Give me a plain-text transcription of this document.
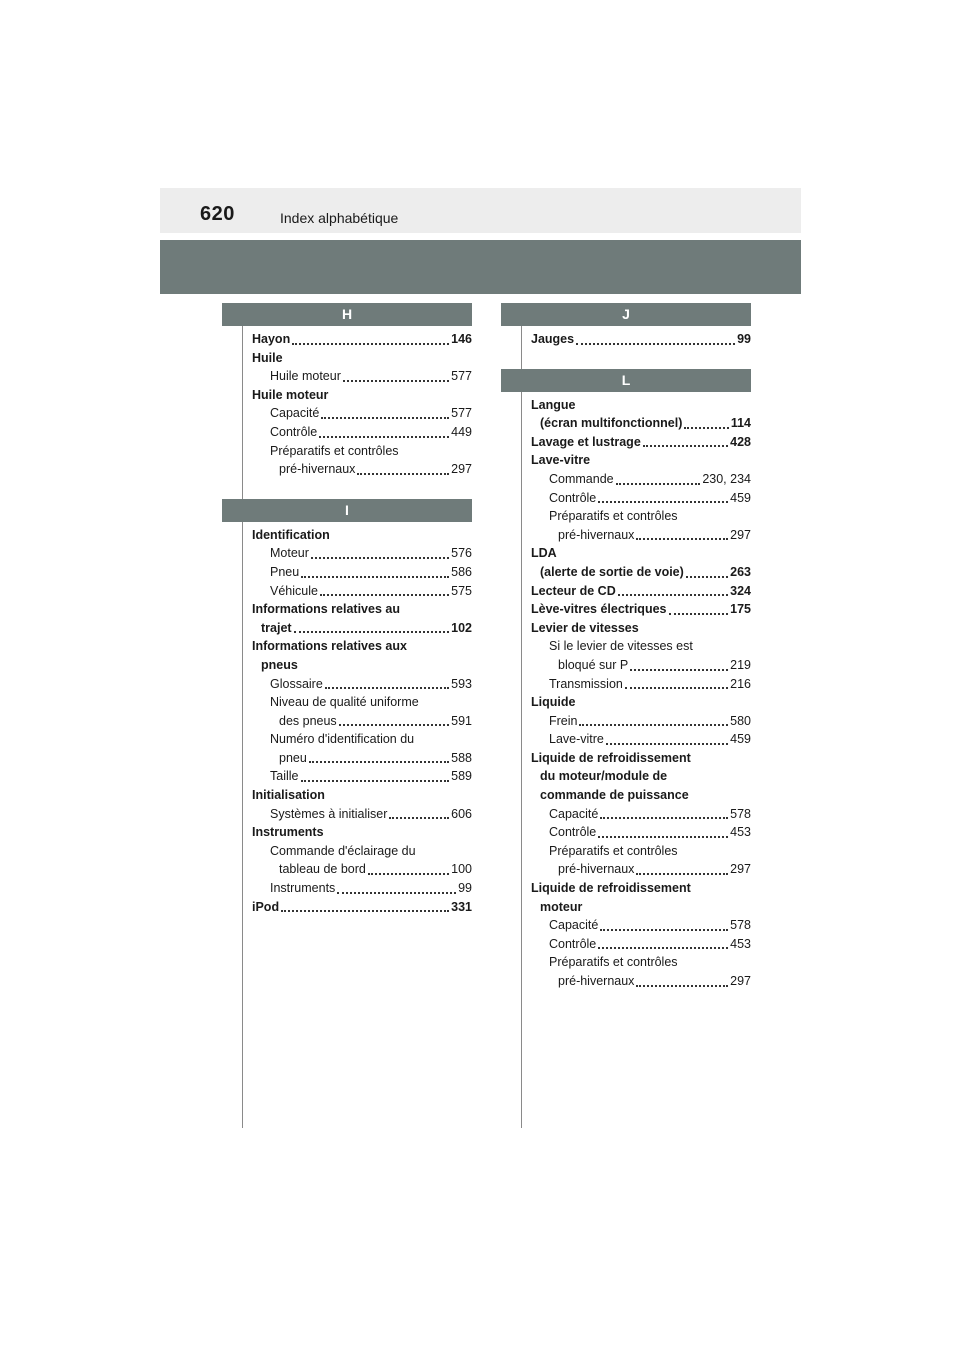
620	Index alphabétique
H
Hayon	146
Huile
Huile moteur	577
Huile moteur
Capacité	577
Contrôle	449
Préparatifs et contrôles
pré-hivernaux	297
I
Identification
Moteur	576
Pneu	586
Véhicule	575
Informations relatives au
trajet	102
Informations relatives aux
pneus
Glossaire	593
Niveau de qualité uniforme
des pneus	591
Numéro d'identification du
pneu	588
Taille	589
Initialisation
Systèmes à initialiser	606
Instruments
Commande d'éclairage du
tableau de bord	100
Instruments	99
iPod	331
J
Jauges	99
L
Langue
(écran multifonctionnel)	114
Lavage et lustrage	428
Lave-vitre
Commande	230, 234
Contrôle	459
Préparatifs et contrôles
pré-hivernaux	297
LDA
(alerte de sortie de voie)	263
Lecteur de CD	324
Lève-vitres électriques	175
Levier de vitesses
Si le levier de vitesses est
bloqué sur P	219
Transmission	216
Liquide
Frein	580
Lave-vitre	459
Liquide de refroidissement
du moteur/module de
commande de puissance
Capacité	578
Contrôle	453
Préparatifs et contrôles
pré-hivernaux	297
Liquide de refroidissement
moteur
Capacité	578
Contrôle	453
Préparatifs et contrôles
pré-hivernaux	297
